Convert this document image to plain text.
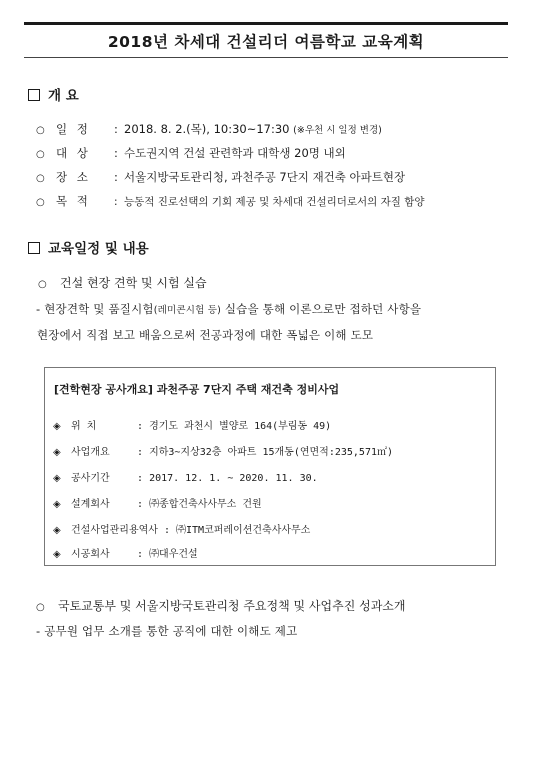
2018년 차세대 건설리더 여름학교 교육계획
개 요
○ 일 정 : 2018. 8. 2.(목), 10:30~17:30 (※우천 시 일정 변경)
○ 대 상 : 수도권지역 건설 관련학과 대학생 20명 내외
○ 장 소 : 서울지방국토관리청, 과천주공 7단지 재건축 아파트현장
○ 목 적 : 능동적 진로선택의 기회 제공 및 차세대 건설리더로서의 자질 함양
교육일정 및 내용
○ 건설 현장 견학 및 시험 실습
- 현장견학 및 품질시험(레미콘시험 등) 실습을 통해 이론으로만 접하던 사항을
현장에서 직접 보고 배움으로써 전공과정에 대한 폭넓은 이해 도모
[견학현장 공사개요] 과천주공 7단지 주택 재건축 정비사업
◈ 위 치	: 경기도 과천시 별양로 164(부림동 49)
◈ 사업개요 : 지하3~지상32층 아파트 15개동(연면적:235,571㎡)
◈ 공사기간 : 2017. 12. 1. ~ 2020. 11. 30.
◈ 설계회사 : ㈜종합건축사사무소 건원
◈ 건설사업관리용역사 : ㈜ITM코퍼레이션건축사사무소
◈ 시공회사 : ㈜대우건설
○ 국토교통부 및 서울지방국토관리청 주요정책 및 사업추진 성과소개
- 공무원 업무 소개를 통한 공직에 대한 이해도 제고
